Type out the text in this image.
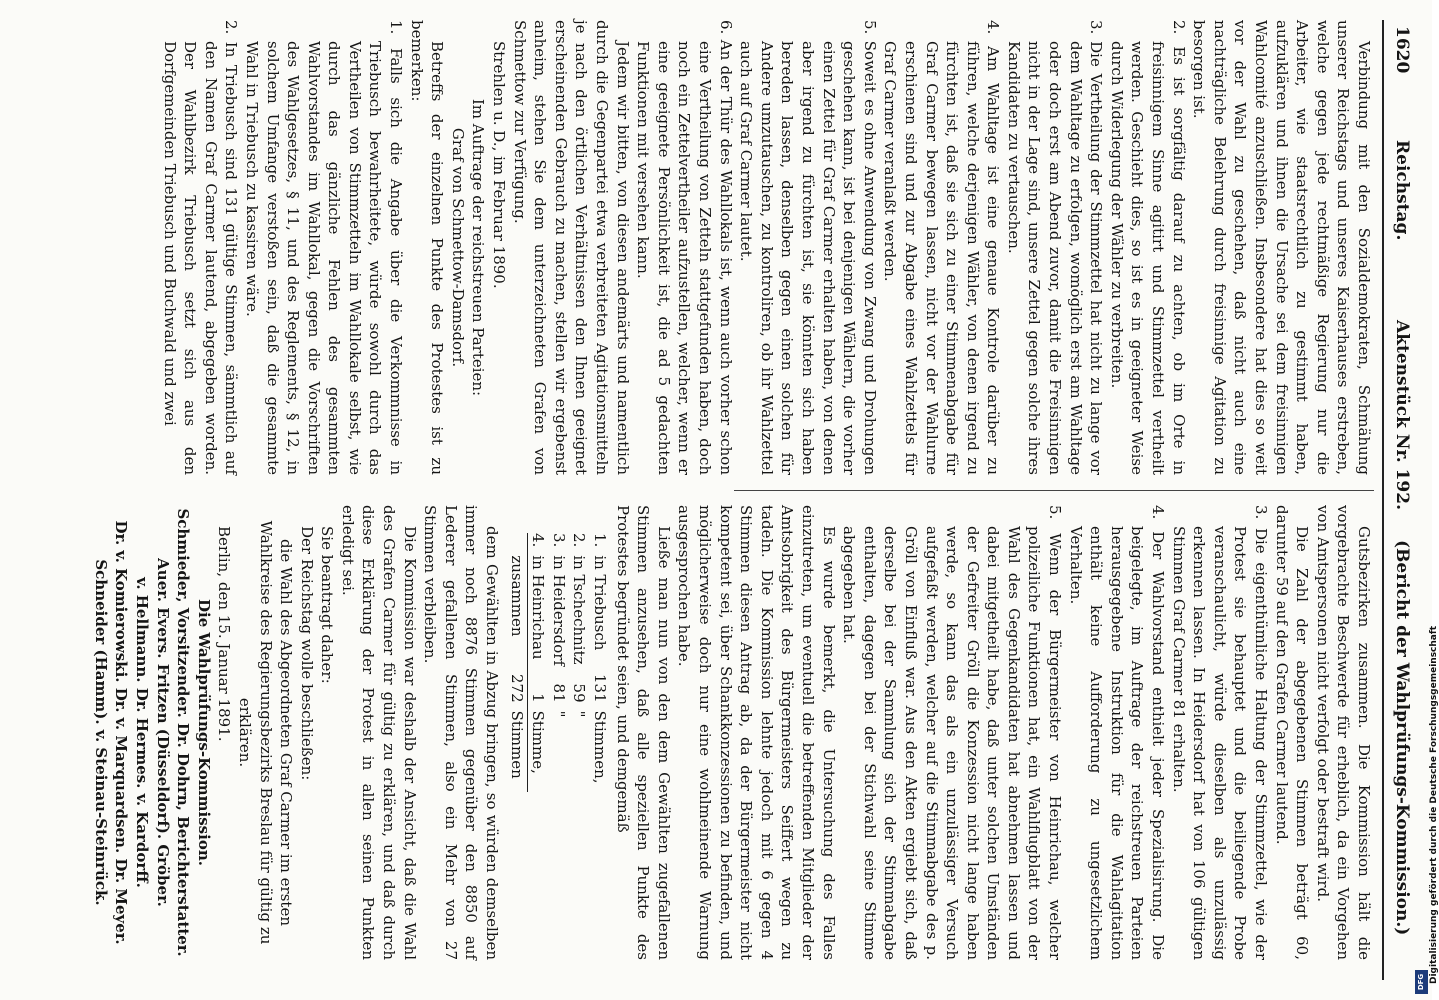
1620
Reichstag.
Aktenstück Nr. 192.
(Bericht der Wahlprüfungs-Kommission.)

Verbindung mit den Sozialdemokraten, Schmähung unserer Reichstags und unseres Kaiserhauses erstreben, welche gegen jede rechtmäßige Regierung nur die Arbeiter, wie staatsrechtlich zu gestimmt haben, aufzuklären und ihnen die Ursache sei dem freisinnigen Wahlcomité anzuschließen. Insbesondere hat dies so weit vor der Wahl zu geschehen, daß nicht auch eine nachträgliche Belehrung durch freisinnige Agitation zu besorgen ist.

2. Es ist sorgfältig darauf zu achten, ob im Orte in freisinnigem Sinne agitirt und Stimmzettel vertheilt werden. Geschieht dies, so ist es in geeigneter Weise durch Widerlegung der Wähler zu verbreiten.

3. Die Vertheilung der Stimmzettel hat nicht zu lange vor dem Wahltage zu erfolgen, womöglich erst am Wahltage oder doch erst am Abend zuvor, damit die Freisinnigen nicht in der Lage sind, unsere Zettel gegen solche ihres Kandidaten zu vertauschen.

4. Am Wahltage ist eine genaue Kontrole darüber zu führen, welche derjenigen Wähler, von denen irgend zu fürchten ist, daß sie sich zu einer Stimmenabgabe für Graf Carmer bewegen lassen, nicht vor der Wahlurne erschienen sind und zur Abgabe eines Wahlzettels für Graf Carmer veranlaßt werden.

5. Soweit es ohne Anwendung von Zwang und Drohungen geschehen kann, ist bei denjenigen Wählern, die vorher einen Zettel für Graf Carmer erhalten haben, von denen aber irgend zu fürchten ist, sie könnten sich haben bereden lassen, denselben gegen einen solchen für Andere umzutauschen, zu kontroliren, ob ihr Wahlzettel auch auf Graf Carmer lautet.

6. An der Thür des Wahllokals ist, wenn auch vorher schon eine Vertheilung von Zetteln stattgefunden haben, doch noch ein Zettelvertheiler aufzustellen, welcher, wenn er eine geeignete Persönlichkeit ist, die ad 5 gedachten Funktionen mit versehen kann.

Jedem wir bitten, von diesen andemärts und namentlich durch die Gegenpartei etwa verbreiteten Agitationsmitteln je nach den örtlichen Verhältnissen den Ihnen geeignet erscheinenden Gebrauch zu machen, stellen wir ergebenst anheim, stehen Sie dem unterzeichneten Grafen von Schmettow zur Verfügung.

Strehlen u. D., im Februar 1890.

Im Auftrage der reichstreuen Parteien:

Graf von Schmettow-Damsdorf.

Betreffs der einzelnen Punkte des Protestes ist zu bemerken:

1. Falls sich die Angabe über die Verkommnisse in Triebusch bewahrheitete, würde sowohl durch das Vertheilen von Stimmzetteln im Wahllokale selbst, wie durch das gänzliche Fehlen des gesammten Wahlvorstandes im Wahllokal, gegen die Vorschriften des Wahlgesetzes, § 11, und des Reglements, § 12, in solchem Umfange verstoßen sein, daß die gesammte Wahl in Triebusch zu kassiren wäre.

2. In Triebusch sind 131 gültige Stimmen, sämmtlich auf den Namen Graf Carmer lautend, abgegeben worden. Der Wahlbezirk Triebusch setzt sich aus den Dorfgemeinden Triebusch und Buchwald und zwei

Gutsbezirken zusammen. Die Kommission hält die vorgebrachte Beschwerde für erheblich, da ein Vorgehen von Amtspersonen nicht verfolgt oder bestraft wird.

Die Zahl der abgegebenen Stimmen beträgt 60, darunter 59 auf den Grafen Carmer lautend.

3. Die eigenthümliche Haltung der Stimmzettel, wie der Protest sie behauptet und die beiliegende Probe veranschaulicht, würde dieselben als unzulässig erkennen lassen. In Heidersdorf hat von 106 gültigen Stimmen Graf Carmer 81 erhalten.

4. Der Wahlvorstand enthielt jeder Spezialisirung. Die beigelegte, im Auftrage der reichstreuen Parteien herausgegebene Instruktion für die Wahlagitation enthält keine Aufforderung zu ungesetzlichem Verhalten.

5. Wenn der Bürgermeister von Heinrichau, welcher polizeiliche Funktionen hat, ein Wahlflugblatt von der Wahl des Gegenkandidaten hat abnehmen lassen und dabei mitgetheilt habe, daß unter solchen Umständen der Gefreiter Gröll die Konzession nicht lange haben werde, so kann das als ein unzulässiger Versuch aufgefaßt werden, welcher auf die Stimmabgabe des p. Gröll von Einfluß war. Aus den Akten ergiebt sich, daß derselbe bei der Sammlung sich der Stimmabgabe enthalten, dagegen bei der Stichwahl seine Stimme abgegeben hat.

Es wurde bemerkt, die Untersuchung des Falles einzutreten, um eventuell die betreffenden Mitglieder der Amtsobrigkeit des Bürgermeisters Seiffert wegen zu tadeln. Die Kommission lehnte jedoch mit 6 gegen 4 Stimmen diesen Antrag ab, da der Bürgermeister nicht kompetent sei, über Schankkonzessionen zu befinden, und möglicherweise doch nur eine wohlmeinende Warnung ausgesprochen habe.

Ließe man nun von den dem Gewählten zugefallenen Stimmen anzusehen, daß alle speziellen Punkte des Protestes begründet seien, und demgemäß

1.	in Triebusch	131	Stimmen,
2.	in Tschechnitz	59	"
3.	in Heidersdorf	81	"
4.	in Heinrichau	1	Stimme,
	zusammen	272	Stimmen

dem Gewählten in Abzug bringen, so würden demselben immer noch 8876 Stimmen gegenüber den 8850 auf Lederer gefallenen Stimmen, also ein Mehr von 27 Stimmen verbleiben.

Die Kommission war deshalb der Ansicht, daß die Wahl des Grafen Carmer für gültig zu erklären, und daß durch diese Erklärung der Protest in allen seinen Punkten erledigt sei.

Sie beantragt daher:

Der Reichstag wolle beschließen:

die Wahl des Abgeordneten Graf Carmer im ersten Wahlkreise des Regierungsbezirks Breslau für gültig zu erklären.

Berlin, den 15. Januar 1891.

Die Wahlprüfungs-Kommission.

Schmieder, Vorsitzender. Dr. Dohrn, Berichterstatter.

Auer. Evers. Fritzen (Düsseldorf). Gröber.

v. Hellmann. Dr. Hermes. v. Kardorff.

Dr. v. Komierowski. Dr. v. Marquardsen. Dr. Meyer.

Schneider (Hamm). v. Steinau-Steinrück.	Digitalisierung gefördert durch die Deutsche Forschungsgemeinschaft
DFG
